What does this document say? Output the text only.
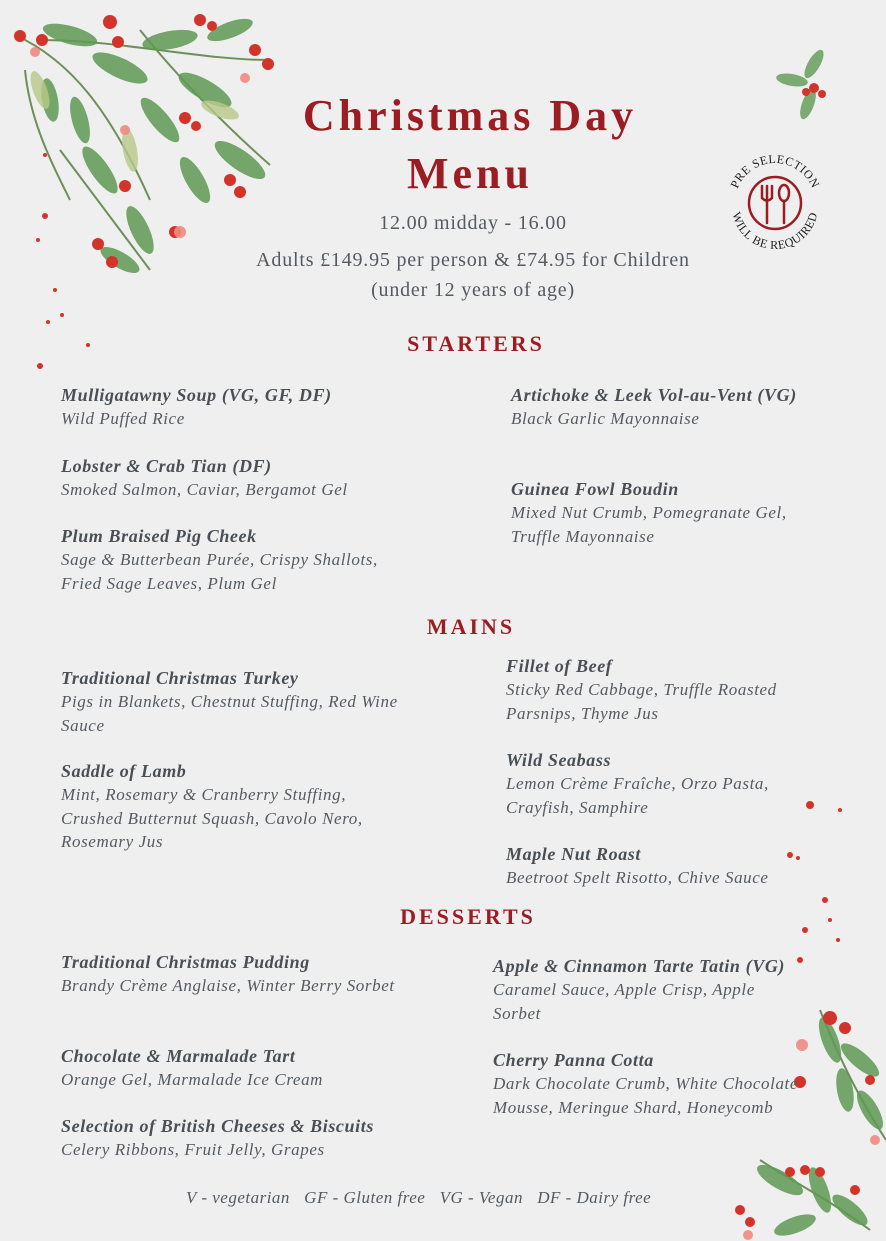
Christmas Day
Menu
12.00 midday - 16.00
Adults £149.95 per person & £74.95 for Children
(under 12 years of age)
PRE SELECTION
WILL BE REQUIRED
STARTERS
Mulligatawny Soup (VG, GF, DF)
Wild Puffed Rice
Lobster & Crab Tian (DF)
Smoked Salmon, Caviar, Bergamot Gel
Plum Braised Pig Cheek
Sage & Butterbean Purée, Crispy Shallots, Fried Sage Leaves, Plum Gel
Artichoke & Leek Vol-au-Vent (VG)
Black Garlic Mayonnaise
Guinea Fowl Boudin
Mixed Nut Crumb, Pomegranate Gel, Truffle Mayonnaise
MAINS
Traditional Christmas Turkey
Pigs in Blankets, Chestnut Stuffing, Red Wine Sauce
Saddle of Lamb
Mint, Rosemary & Cranberry Stuffing, Crushed Butternut Squash, Cavolo Nero, Rosemary Jus
Fillet of Beef
Sticky Red Cabbage, Truffle Roasted Parsnips, Thyme Jus
Wild Seabass
Lemon Crème Fraîche, Orzo Pasta, Crayfish, Samphire
Maple Nut Roast
Beetroot Spelt Risotto, Chive Sauce
DESSERTS
Traditional Christmas Pudding
Brandy Crème Anglaise, Winter Berry Sorbet
Chocolate & Marmalade Tart
Orange Gel, Marmalade Ice Cream
Selection of British Cheeses & Biscuits
Celery Ribbons, Fruit Jelly, Grapes
Apple & Cinnamon Tarte Tatin (VG)
Caramel Sauce, Apple Crisp, Apple Sorbet
Cherry Panna Cotta
Dark Chocolate Crumb, White Chocolate Mousse, Meringue Shard, Honeycomb
V - vegetarian   GF - Gluten free   VG - Vegan   DF - Dairy free
